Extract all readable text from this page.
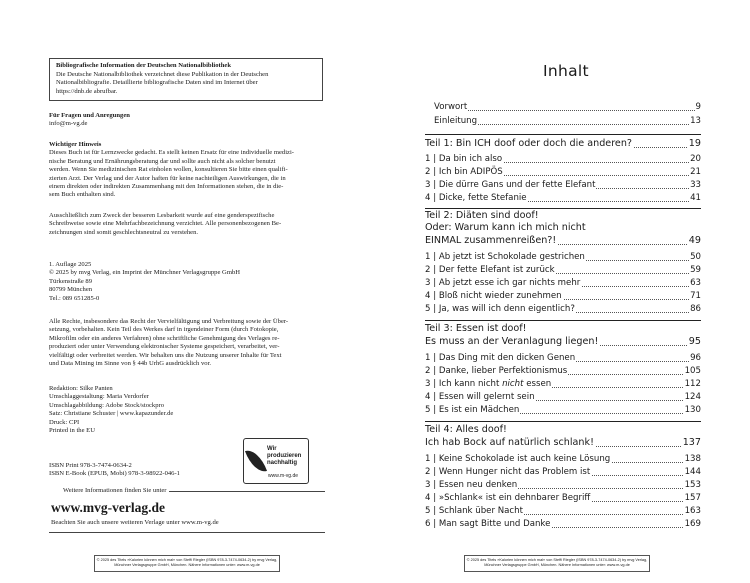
Bibliografische Information der Deutschen Nationalbibliothek
Die Deutsche Nationalbibliothek verzeichnet diese Publikation in der Deutschen
Nationalbibliografie. Detaillierte bibliografische Daten sind im Internet über
https://dnb.de abrufbar.
Für Fragen und Anregungen
info@m-vg.de
Wichtiger Hinweis
Dieses Buch ist für Lernzwecke gedacht. Es stellt keinen Ersatz für eine individuelle medizi-
nische Beratung und Ernährungsberatung dar und sollte auch nicht als solcher benutzt
werden. Wenn Sie medizinischen Rat einholen wollen, konsultieren Sie bitte einen qualifi-
zierten Arzt. Der Verlag und der Autor haften für keine nachteiligen Auswirkungen, die in
einem direkten oder indirekten Zusammenhang mit den Informationen stehen, die in die-
sem Buch enthalten sind.
Ausschließlich zum Zweck der besseren Lesbarkeit wurde auf eine genderspezifische
Schreibweise sowie eine Mehrfachbezeichnung verzichtet. Alle personenbezogenen Be-
zeichnungen sind somit geschlechtsneutral zu verstehen.
1. Auflage 2025
© 2025 by mvg Verlag, ein Imprint der Münchner Verlagsgruppe GmbH
Türkenstraße 89
80799 München
Tel.: 089 651285-0
Alle Rechte, insbesondere das Recht der Vervielfältigung und Verbreitung sowie der Über-
setzung, vorbehalten. Kein Teil des Werkes darf in irgendeiner Form (durch Fotokopie,
Mikrofilm oder ein anderes Verfahren) ohne schriftliche Genehmigung des Verlages re-
produziert oder unter Verwendung elektronischer Systeme gespeichert, verarbeitet, ver-
vielfältigt oder verbreitet werden. Wir behalten uns die Nutzung unserer Inhalte für Text
und Data Mining im Sinne von § 44b UrhG ausdrücklich vor.
Redaktion: Silke Panten
Umschlaggestaltung: Maria Verdorfer
Umschlagabbildung: Adobe Stock/stockpro
Satz: Christiane Schuster | www.kapazunder.de
Druck: CPI
Printed in the EU
ISBN Print 978-3-7474-0634-2
ISBN E-Book (EPUB, Mobi) 978-3-98922-046-1
Wir produzieren nachhaltig
www.m-vg.de
Weitere Informationen finden Sie unter
www.mvg-verlag.de
Beachten Sie auch unsere weiteren Verlage unter www.m-vg.de
© 2025 des Titels »Kalorien können mich mal« von Steffi Riegler (ISBN 978-3-7474-0634-2) by mvg Verlag,
Münchner Verlagsgruppe GmbH, München. Nähere Informationen unter: www.m-vg.de
Inhalt
Vorwort	9
Einleitung	13
Teil 1: Bin ICH doof oder doch die anderen?	19
1 | Da bin ich also	20
2 | Ich bin ADIPÖS	21
3 | Die dürre Gans und der fette Elefant	33
4 | Dicke, fette Stefanie	41
Teil 2: Diäten sind doof!
Oder: Warum kann ich mich nicht
EINMAL zusammenreißen?!	49
1 | Ab jetzt ist Schokolade gestrichen	50
2 | Der fette Elefant ist zurück	59
3 | Ab jetzt esse ich gar nichts mehr	63
4 | Bloß nicht wieder zunehmen	71
5 | Ja, was will ich denn eigentlich?	86
Teil 3: Essen ist doof!
Es muss an der Veranlagung liegen!	95
1 | Das Ding mit den dicken Genen	96
2 | Danke, lieber Perfektionismus	105
3 | Ich kann nicht nicht essen	112
4 | Essen will gelernt sein	124
5 | Es ist ein Mädchen	130
Teil 4: Alles doof!
Ich hab Bock auf natürlich schlank!	137
1 | Keine Schokolade ist auch keine Lösung	138
2 | Wenn Hunger nicht das Problem ist	144
3 | Essen neu denken	153
4 | »Schlank« ist ein dehnbarer Begriff	157
5 | Schlank über Nacht	163
6 | Man sagt Bitte und Danke	169
© 2025 des Titels »Kalorien können mich mal« von Steffi Riegler (ISBN 978-3-7474-0634-2) by mvg Verlag,
Münchner Verlagsgruppe GmbH, München. Nähere Informationen unter: www.m-vg.de
